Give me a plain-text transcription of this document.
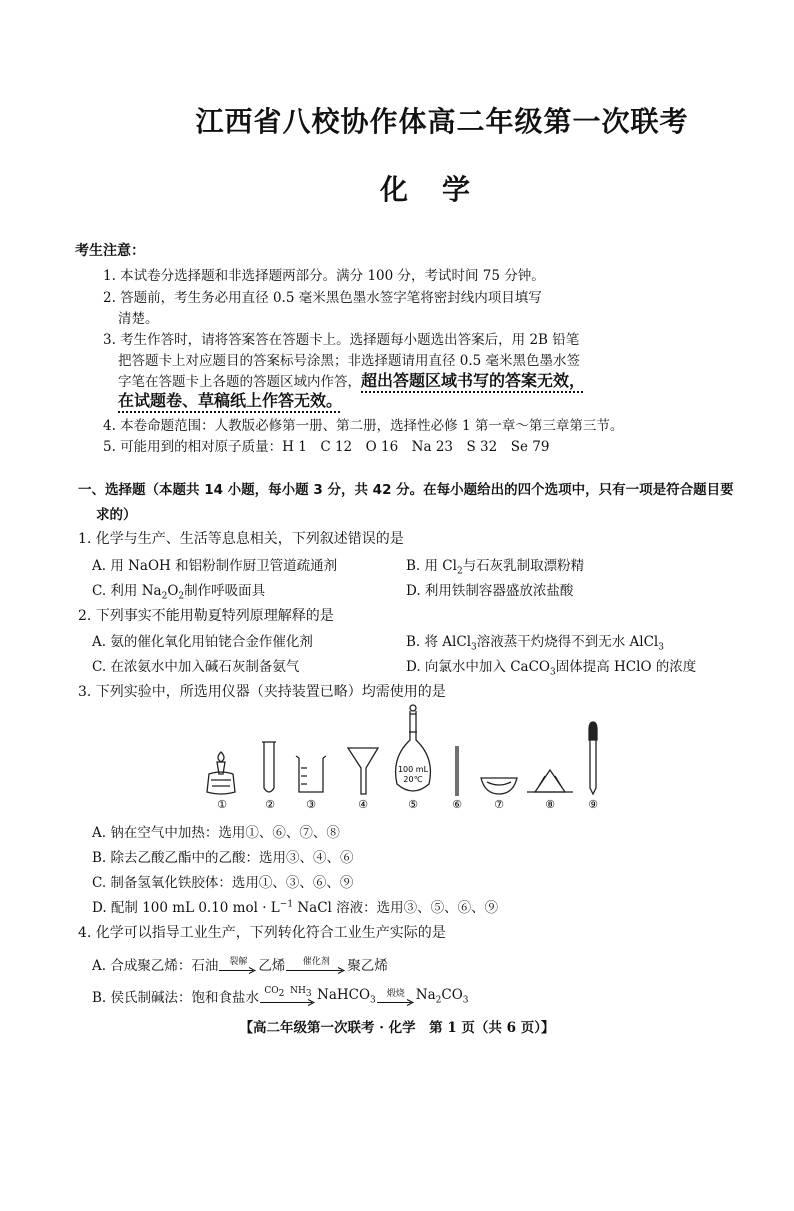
江西省八校协作体高二年级第一次联考
化学
考生注意：
1. 本试卷分选择题和非选择题两部分。满分 100 分，考试时间 75 分钟。
2. 答题前，考生务必用直径 0.5 毫米黑色墨水签字笔将密封线内项目填写
清楚。
3. 考生作答时，请将答案答在答题卡上。选择题每小题选出答案后，用 2B 铅笔
把答题卡上对应题目的答案标号涂黑；非选择题请用直径 0.5 毫米黑色墨水签
字笔在答题卡上各题的答题区域内作答，超出答题区域书写的答案无效，
在试题卷、草稿纸上作答无效。
4. 本卷命题范围：人教版必修第一册、第二册，选择性必修 1 第一章～第三章第三节。
5. 可能用到的相对原子质量：H 1　C 12　O 16　Na 23　S 32　Se 79
一、选择题（本题共 14 小题，每小题 3 分，共 42 分。在每小题给出的四个选项中，只有一项是符合题目要
求的）
1. 化学与生产、生活等息息相关，下列叙述错误的是
A. 用 NaOH 和铝粉制作厨卫管道疏通剂	B. 用 $Cl_2$与石灰乳制取漂粉精
C. 利用 $Na_2O_2$制作呼吸面具	D. 利用铁制容器盛放浓盐酸
2. 下列事实不能用勒夏特列原理解释的是
A. 氨的催化氧化用铂铑合金作催化剂	B. 将 AlCl$_3$溶液蒸干灼烧得不到无水 AlCl$_3$
C. 在浓氨水中加入碱石灰制备氨气	D. 向氯水中加入 CaCO$_3$固体提高 HClO 的浓度
3. 下列实验中，所选用仪器（夹持装置已略）均需使用的是
100 mL
20℃
①	②	③	④	⑤	⑥	⑦	⑧	⑨
A. 钠在空气中加热：选用①、⑥、⑦、⑧
B. 除去乙酸乙酯中的乙酸：选用③、④、⑥
C. 制备氢氧化铁胶体：选用①、③、⑥、⑨
D. 配制 100 mL 0.10 mol · $L^{-1}$ NaCl 溶液：选用③、⑤、⑥、⑨
4. 化学可以指导工业生产，下列转化符合工业生产实际的是
A. 合成聚乙烯：石油 裂解 乙烯 催化剂 聚乙烯
B. 侯氏制碱法：饱和食盐水 $CO_2$ $NH_3$ NaHCO$_3$
煅烧 $Na_2CO_3$
【高二年级第一次联考 · 化学　第 1 页（共 6 页）】
